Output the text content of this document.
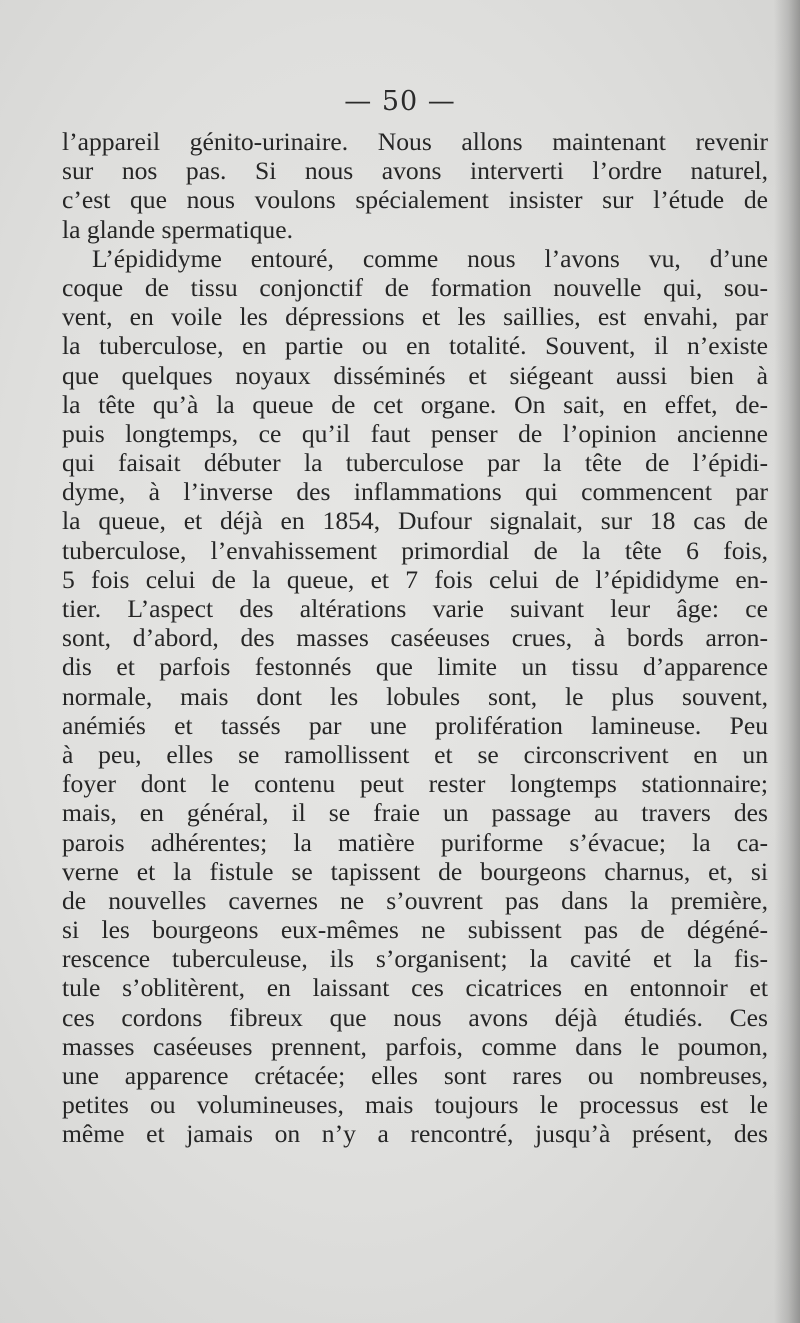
— 50 —
l’appareil génito-urinaire. Nous allons maintenant revenir
sur nos pas. Si nous avons interverti l’ordre naturel,
c’est que nous voulons spécialement insister sur l’étude de
la glande spermatique.
L’épididyme entouré, comme nous l’avons vu, d’une
coque de tissu conjonctif de formation nouvelle qui, sou-
vent, en voile les dépressions et les saillies, est envahi, par
la tuberculose, en partie ou en totalité. Souvent, il n’existe
que quelques noyaux disséminés et siégeant aussi bien à
la tête qu’à la queue de cet organe. On sait, en effet, de-
puis longtemps, ce qu’il faut penser de l’opinion ancienne
qui faisait débuter la tuberculose par la tête de l’épidi-
dyme, à l’inverse des inflammations qui commencent par
la queue, et déjà en 1854, Dufour signalait, sur 18 cas de
tuberculose, l’envahissement primordial de la tête 6 fois,
5 fois celui de la queue, et 7 fois celui de l’épididyme en-
tier. L’aspect des altérations varie suivant leur âge: ce
sont, d’abord, des masses caséeuses crues, à bords arron-
dis et parfois festonnés que limite un tissu d’apparence
normale, mais dont les lobules sont, le plus souvent,
anémiés et tassés par une prolifération lamineuse. Peu
à peu, elles se ramollissent et se circonscrivent en un
foyer dont le contenu peut rester longtemps stationnaire;
mais, en général, il se fraie un passage au travers des
parois adhérentes; la matière puriforme s’évacue; la ca-
verne et la fistule se tapissent de bourgeons charnus, et, si
de nouvelles cavernes ne s’ouvrent pas dans la première,
si les bourgeons eux-mêmes ne subissent pas de dégéné-
rescence tuberculeuse, ils s’organisent; la cavité et la fis-
tule s’oblitèrent, en laissant ces cicatrices en entonnoir et
ces cordons fibreux que nous avons déjà étudiés. Ces
masses caséeuses prennent, parfois, comme dans le poumon,
une apparence crétacée; elles sont rares ou nombreuses,
petites ou volumineuses, mais toujours le processus est le
même et jamais on n’y a rencontré, jusqu’à présent, des
